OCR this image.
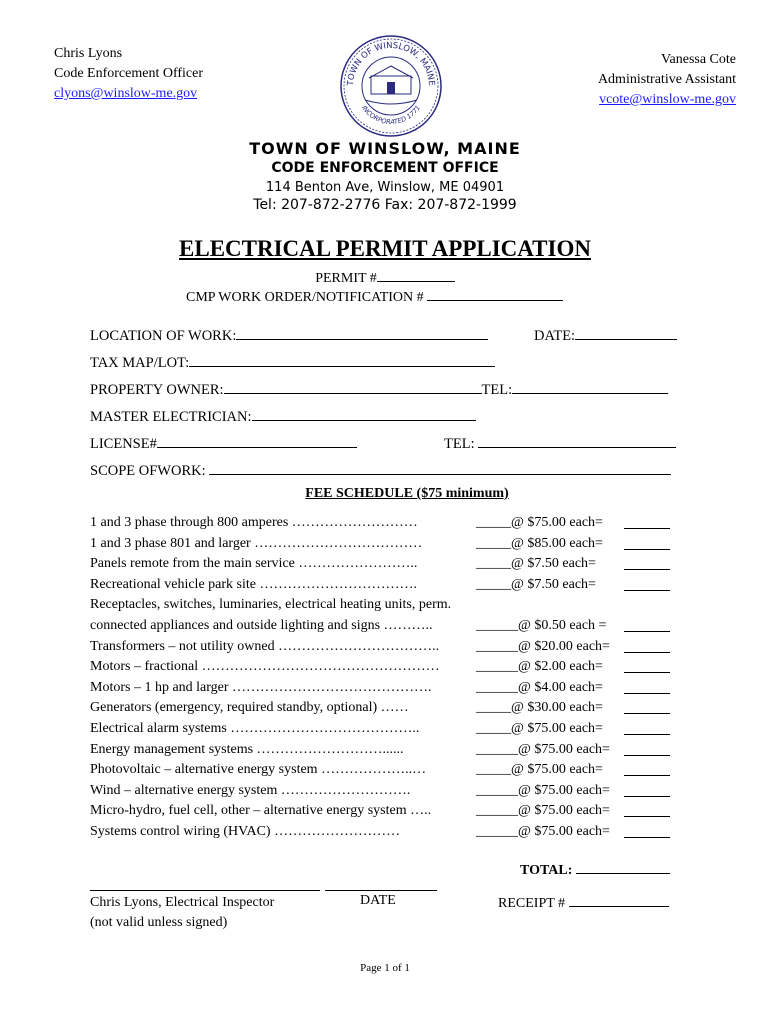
Chris Lyons
Code Enforcement Officer
clyons@winslow-me.gov
TOWN OF WINSLOW, MAINE
INCORPORATED 1771
Vanessa Cote
Administrative Assistant
vcote@winslow-me.gov
TOWN OF WINSLOW, MAINE
CODE ENFORCEMENT OFFICE
114 Benton Ave, Winslow, ME 04901
Tel: 207-872-2776 Fax: 207-872-1999
ELECTRICAL PERMIT APPLICATION
PERMIT #
CMP WORK ORDER/NOTIFICATION #
LOCATION OF WORK:	DATE:
TAX MAP/LOT:
PROPERTY OWNER:	TEL:
MASTER ELECTRICIAN:
LICENSE#	TEL:
SCOPE OFWORK:
FEE SCHEDULE ($75 minimum)
1 and 3 phase through 800 amperes ………………………	_____@ $75.00 each=
1 and 3 phase 801 and larger ………………………………	_____@ $85.00 each=
Panels remote from the main service ……………………..	_____@ $7.50 each=
Recreational vehicle park site …………………………….	_____@ $7.50 each=
Receptacles, switches, luminaries, electrical heating units, perm.
connected appliances and outside lighting and signs ………..	______@ $0.50 each =
Transformers – not utility owned ……………………………..	______@ $20.00 each=
Motors – fractional ……………………………………………	______@ $2.00 each=
Motors – 1 hp and larger …………………………………….	______@ $4.00 each=
Generators (emergency, required standby, optional) ……	_____@ $30.00 each=
Electrical alarm systems …………………………………..	_____@ $75.00 each=
Energy management systems ………………………......	______@ $75.00 each=
Photovoltaic – alternative energy system ………………..…	_____@ $75.00 each=
Wind – alternative energy system ……………………….	______@ $75.00 each=
Micro-hydro, fuel cell, other – alternative energy system …..	______@ $75.00 each=
Systems control wiring (HVAC) ………………………	______@ $75.00 each=
TOTAL:
Chris Lyons, Electrical Inspector
(not valid unless signed)
DATE	RECEIPT #
Page 1 of 1
